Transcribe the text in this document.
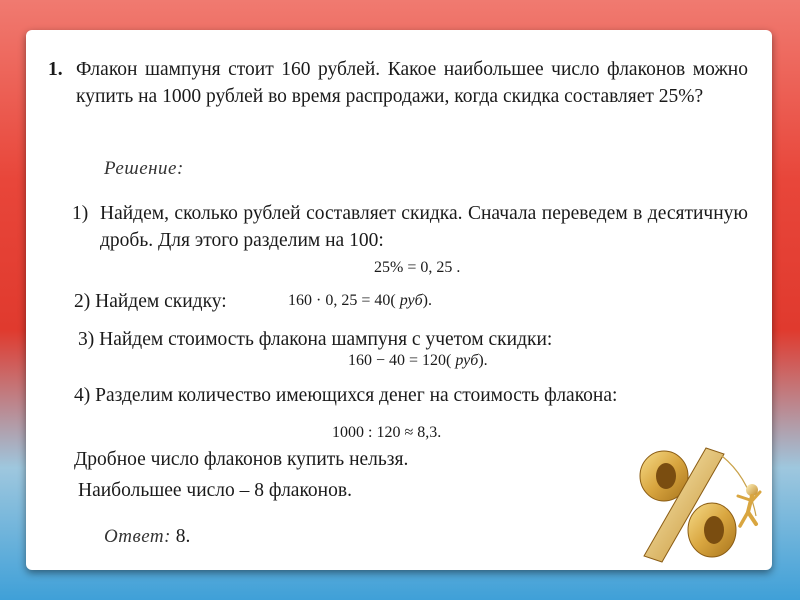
1. Флакон шампуня стоит 160 рублей. Какое наибольшее число флаконов можно купить на 1000 рублей во время распродажи, когда скидка составляет 25%?
Решение:
1) Найдем, сколько рублей составляет скидка. Сначала переведем в десятичную дробь. Для этого разделим на 100:
25% = 0, 25 .
2) Найдем скидку:	160 · 0, 25 = 40( руб).
3) Найдем стоимость флакона шампуня с учетом скидки:
160 − 40 = 120( руб).
4) Разделим количество имеющихся денег на стоимость флакона:
1000 : 120 ≈ 8,3.
Дробное число флаконов купить нельзя.
Наибольшее число – 8 флаконов.
Ответ: 8.
